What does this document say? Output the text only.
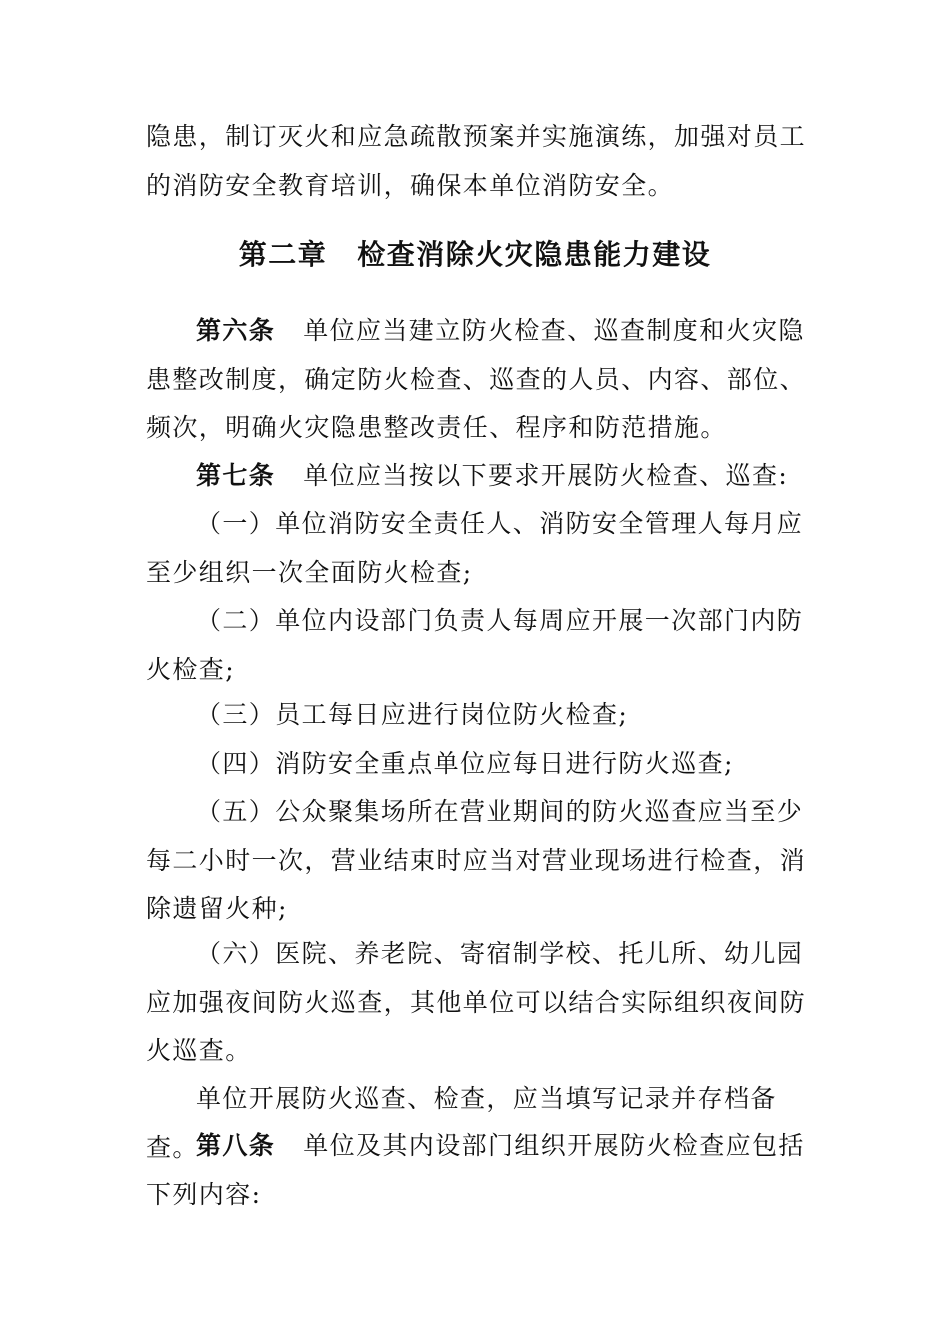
隐患，制订灭火和应急疏散预案并实施演练，加强对员工的消防安全教育培训，确保本单位消防安全。

第二章 检查消除火灾隐患能力建设

第六条 单位应当建立防火检查、巡查制度和火灾隐患整改制度，确定防火检查、巡查的人员、内容、部位、频次，明确火灾隐患整改责任、程序和防范措施。

第七条 单位应当按以下要求开展防火检查、巡查:

（一）单位消防安全责任人、消防安全管理人每月应至少组织一次全面防火检查;

（二）单位内设部门负责人每周应开展一次部门内防火检查;

（三）员工每日应进行岗位防火检查;

（四）消防安全重点单位应每日进行防火巡查;

（五）公众聚集场所在营业期间的防火巡查应当至少每二小时一次，营业结束时应当对营业现场进行检查，消除遗留火种;

（六）医院、养老院、寄宿制学校、托儿所、幼儿园应加强夜间防火巡查，其他单位可以结合实际组织夜间防火巡查。

单位开展防火巡查、检查，应当填写记录并存档备查。

第八条 单位及其内设部门组织开展防火检查应包括下列内容:
